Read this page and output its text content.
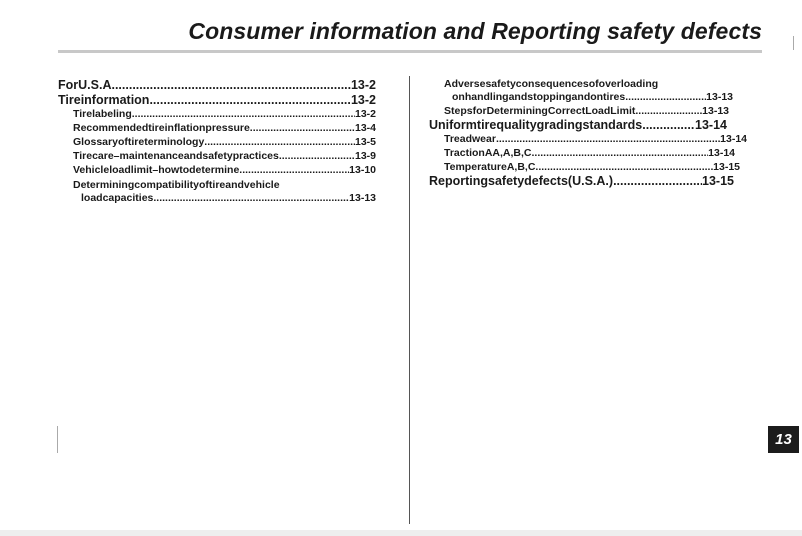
Consumer information and Reporting safety defects
ForU.S.A. .....	13-2
Tireinformation .....	13-2
Tirelabeling .....	13-2
Recommendedtireinflationpressure .....	13-4
Glossaryoftireterminology .....	13-5
Tirecare–maintenanceandsafetypractices .....	13-9
Vehicleloadlimit–howtodetermine .....	13-10
Determiningcompatibilityoftireandvehicle
loadcapacities .....	13-13
Adversesafetyconsequencesofoverloading
onhandlingandstoppingandontires .....	13-13
StepsforDeterminingCorrectLoadLimit .....	13-13
Uniformtirequalitygradingstandards .....	13-14
Treadwear .....	13-14
TractionAA,A,B,C .....	13-14
TemperatureA,B,C .....	13-15
Reportingsafetydefects(U.S.A.) .....	13-15
13
